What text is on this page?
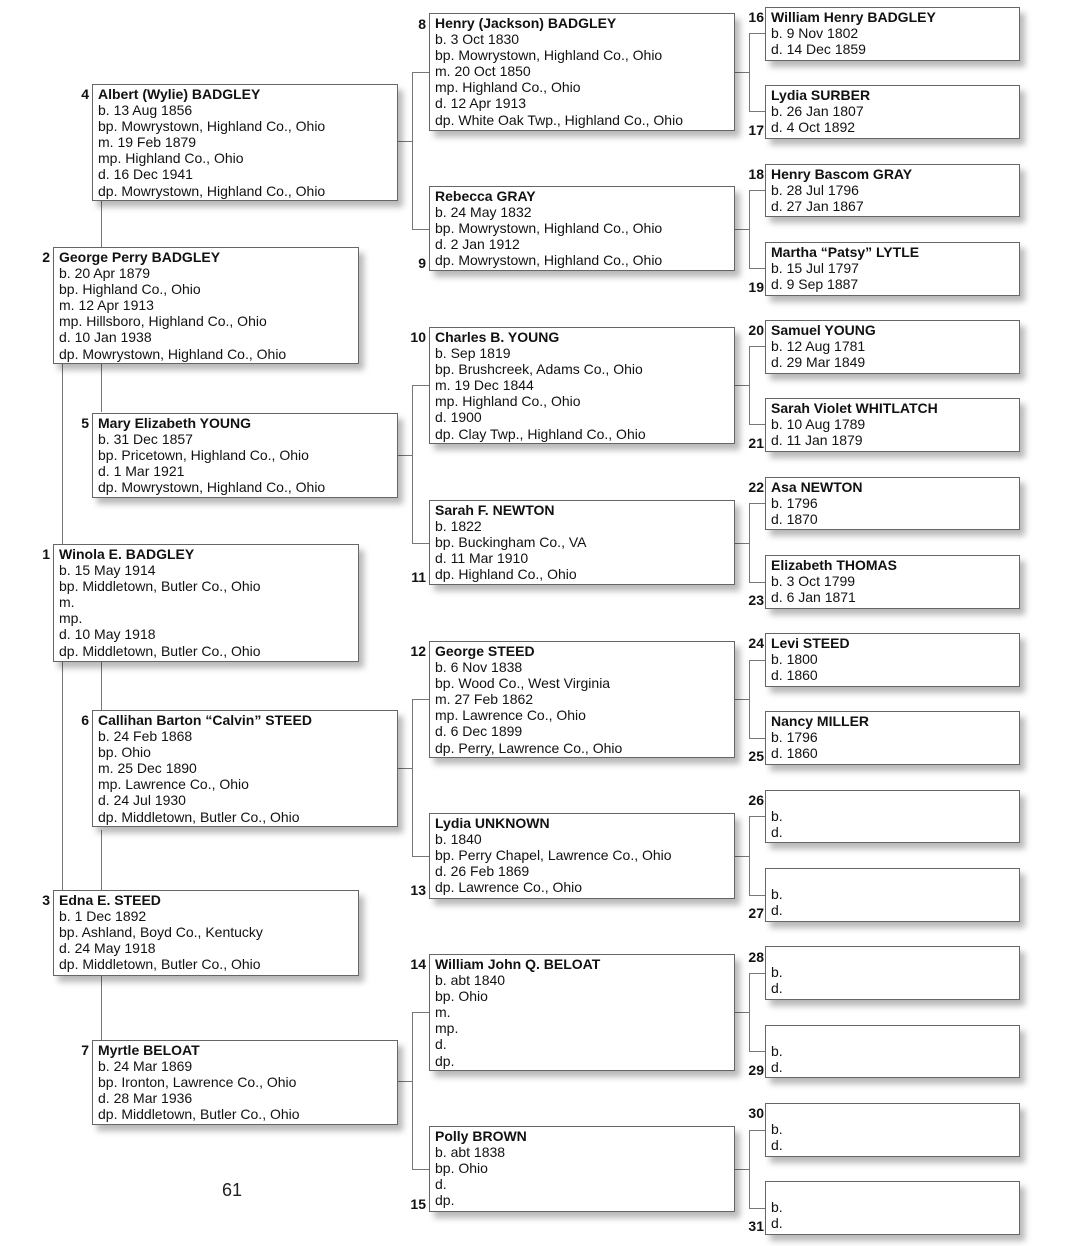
1 Winola E. BADGLEY
b. 15 May 1914
bp. Middletown, Butler Co., Ohio
m.
mp.
d. 10 May 1918
dp. Middletown, Butler Co., Ohio
2 George Perry BADGLEY
b. 20 Apr 1879
bp. Highland Co., Ohio
m. 12 Apr 1913
mp. Hillsboro, Highland Co., Ohio
d. 10 Jan 1938
dp. Mowrystown, Highland Co., Ohio
3 Edna E. STEED
b. 1 Dec 1892
bp. Ashland, Boyd Co., Kentucky
d. 24 May 1918
dp. Middletown, Butler Co., Ohio
4 Albert (Wylie) BADGLEY
b. 13 Aug 1856
bp. Mowrystown, Highland Co., Ohio
m. 19 Feb 1879
mp. Highland Co., Ohio
d. 16 Dec 1941
dp. Mowrystown, Highland Co., Ohio
5 Mary Elizabeth YOUNG
b. 31 Dec 1857
bp. Pricetown, Highland Co., Ohio
d. 1 Mar 1921
dp. Mowrystown, Highland Co., Ohio
6 Callihan Barton “Calvin” STEED
b. 24 Feb 1868
bp. Ohio
m. 25 Dec 1890
mp. Lawrence Co., Ohio
d. 24 Jul 1930
dp. Middletown, Butler Co., Ohio
7 Myrtle BELOAT
b. 24 Mar 1869
bp. Ironton, Lawrence Co., Ohio
d. 28 Mar 1936
dp. Middletown, Butler Co., Ohio
8 Henry (Jackson) BADGLEY
b. 3 Oct 1830
bp. Mowrystown, Highland Co., Ohio
m. 20 Oct 1850
mp. Highland Co., Ohio
d. 12 Apr 1913
dp. White Oak Twp., Highland Co., Ohio
Rebecca GRAY
b. 24 May 1832
bp. Mowrystown, Highland Co., Ohio
d. 2 Jan 1912
dp. Mowrystown, Highland Co., Ohio
9
10 Charles B. YOUNG
b. Sep 1819
bp. Brushcreek, Adams Co., Ohio
m. 19 Dec 1844
mp. Highland Co., Ohio
d. 1900
dp. Clay Twp., Highland Co., Ohio
Sarah F. NEWTON
b. 1822
bp. Buckingham Co., VA
d. 11 Mar 1910
dp. Highland Co., Ohio
11
12 George STEED
b. 6 Nov 1838
bp. Wood Co., West Virginia
m. 27 Feb 1862
mp. Lawrence Co., Ohio
d. 6 Dec 1899
dp. Perry, Lawrence Co., Ohio
Lydia UNKNOWN
b. 1840
bp. Perry Chapel, Lawrence Co., Ohio
d. 26 Feb 1869
dp. Lawrence Co., Ohio
13
14 William John Q. BELOAT
b. abt 1840
bp. Ohio
m.
mp.
d.
dp.
Polly BROWN
b. abt 1838
bp. Ohio
d.
dp.
15
16 William Henry BADGLEY
b. 9 Nov 1802
d. 14 Dec 1859
Lydia SURBER
b. 26 Jan 1807
d. 4 Oct 1892
17
18 Henry Bascom GRAY
b. 28 Jul 1796
d. 27 Jan 1867
Martha “Patsy” LYTLE
b. 15 Jul 1797
d. 9 Sep 1887
19
20 Samuel YOUNG
b. 12 Aug 1781
d. 29 Mar 1849
Sarah Violet WHITLATCH
b. 10 Aug 1789
d. 11 Jan 1879
21
22 Asa NEWTON
b. 1796
d. 1870
Elizabeth THOMAS
b. 3 Oct 1799
d. 6 Jan 1871
23
24 Levi STEED
b. 1800
d. 1860
Nancy MILLER
b. 1796
d. 1860
25
26
b.
d.
b.
d.
27
28
b.
d.
b.
d.
29
30
b.
d.
b.
d.
31
61
